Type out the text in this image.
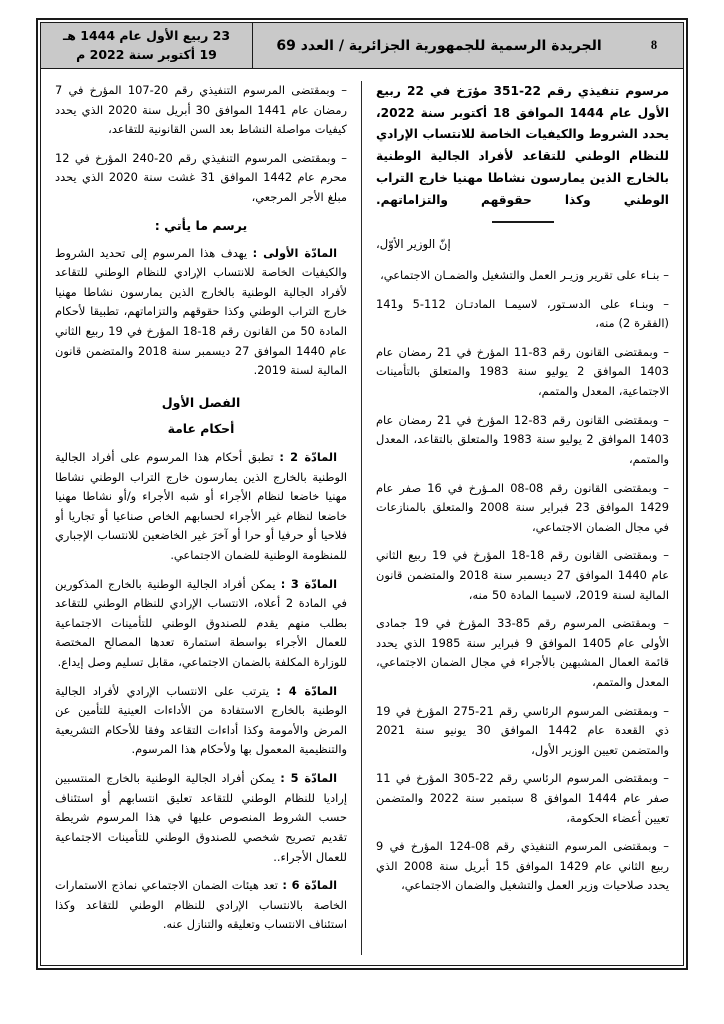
8
الجريدة الرسمية للجمهورية الجزائرية / العدد 69
23 ربيع الأول عام 1444 هـ
19 أكتوبر سنة 2022 م
مرسوم تنفيذي رقم 22-351 مؤرَخ في 22 ربيع الأول عام 1444 الموافق 18 أكتوبر سنة 2022، يحدد الشروط والكيفيات الخاصة للانتساب الإرادي للنظام الوطني للتقاعد لأفراد الجالية الوطنية بالخارج الذين يمارسون نشاطا مهنيا خارج التراب الوطني وكذا حقوقهم والتزاماتهم.
إنّ الوزير الأوّل،
– بنـاء على تقرير وزيـر العمل والتشغيل والضمـان الاجتماعي،
– وبنـاء على الدسـتور، لاسيمـا المادتـان 112-5 و141 (الفقرة 2) منه،
– وبمقتضى القانون رقم 83-11 المؤرخ في 21 رمضان عام 1403 الموافق 2 يوليو سنة 1983 والمتعلق بالتأمينات الاجتماعية، المعدل والمتمم،
– وبمقتضى القانون رقم 83-12 المؤرخ في 21 رمضان عام 1403 الموافق 2 يوليو سنة 1983 والمتعلق بالتقاعد، المعدل والمتمم،
– وبمقتضى القانون رقم 08-08 المـؤرخ في 16 صفر عام 1429 الموافق 23 فبراير سنة 2008 والمتعلق بالمنازعات في مجال الضمان الاجتماعي،
– وبمقتضى القانون رقم 18-18 المؤرخ في 19 ربيع الثاني عام 1440 الموافق 27 ديسمبر سنة 2018 والمتضمن قانون المالية لسنة 2019، لاسيما المادة 50 منه،
– وبمقتضى المرسوم رقم 85-33 المؤرخ في 19 جمادى الأولى عام 1405 الموافق 9 فبراير سنة 1985 الذي يحدد قائمة العمال المشبهين بالأجراء في مجال الضمان الاجتماعي، المعدل والمتمم،
– وبمقتضى المرسوم الرئاسي رقم 21-275 المؤرخ في 19 ذي القعدة عام 1442 الموافق 30 يونيو سنة 2021 والمتضمن تعيين الوزير الأول،
– وبمقتضى المرسوم الرئاسي رقم 22-305 المؤرخ في 11 صفر عام 1444 الموافق 8 سبتمبر سنة 2022 والمتضمن تعيين أعضاء الحكومة،
– وبمقتضى المرسوم التنفيذي رقم 08-124 المؤرخ في 9 ربيع الثاني عام 1429 الموافق 15 أبريل سنة 2008 الذي يحدد صلاحيات وزير العمل والتشغيل والضمان الاجتماعي،
– وبمقتضى المرسوم التنفيذي رقم 20-107 المؤرخ في 7 رمضان عام 1441 الموافق 30 أبريل سنة 2020 الذي يحدد كيفيات مواصلة النشاط بعد السن القانونية للتقاعد،
– وبمقتضى المرسوم التنفيذي رقم 20-240 المؤرخ في 12 محرم عام 1442 الموافق 31 غشت سنة 2020 الذي يحدد مبلغ الأجر المرجعي،
يرسم ما يأتي :
المادّة الأولى : يهدف هذا المرسوم إلى تحديد الشروط والكيفيات الخاصة للانتساب الإرادي للنظام الوطني للتقاعد لأفراد الجالية الوطنية بالخارج الذين يمارسون نشاطا مهنيا خارج التراب الوطني وكذا حقوقهم والتزاماتهم، تطبيقا لأحكام المادة 50 من القانون رقم 18-18 المؤرخ في 19 ربيع الثاني عام 1440 الموافق 27 ديسمبر سنة 2018 والمتضمن قانون المالية لسنة 2019.
الفصل الأول
أحكام عامة
المادّة 2 : تطبق أحكام هذا المرسوم على أفراد الجالية الوطنية بالخارج الذين يمارسون خارج التراب الوطني نشاطا مهنيا خاضعا لنظام الأجراء أو شبه الأجراء و/أو نشاطا مهنيا خاضعا لنظام غير الأجراء لحسابهم الخاص صناعيا أو تجاريا أو فلاحيا أو حرفيا أو حرا أو آخرَ غير الخاضعين للانتساب الإجباري للمنظومة الوطنية للضمان الاجتماعي.
المادّة 3 : يمكن أفراد الجالية الوطنية بالخارج المذكورين في المادة 2 أعلاه، الانتساب الإرادي للنظام الوطني للتقاعد بطلب منهم يقدم للصندوق الوطني للتأمينات الاجتماعية للعمال الأجراء بواسطة استمارة تعدها المصالح المختصة للوزارة المكلفة بالضمان الاجتماعي، مقابل تسليم وصل إيداع.
المادّة 4 : يترتب على الانتساب الإرادي لأفراد الجالية الوطنية بالخارج الاستفادة من الأداءات العينية للتأمين عن المرض والأمومة وكذا أداءات التقاعد وفقا للأحكام التشريعية والتنظيمية المعمول بها ولأحكام هذا المرسوم.
المادّة 5 : يمكن أفراد الجالية الوطنية بالخارج المنتسبين إراديا للنظام الوطني للتقاعد تعليق انتسابهم أو استئناف حسب الشروط المنصوص عليها في هذا المرسوم شريطة تقديم تصريح شخصي للصندوق الوطني للتأمينات الاجتماعية للعمال الأجراء..
المادّة 6 : تعد هيئات الضمان الاجتماعي نماذج الاستمارات الخاصة بالانتساب الإرادي للنظام الوطني للتقاعد وكذا استئناف الانتساب وتعليقه والتنازل عنه.
